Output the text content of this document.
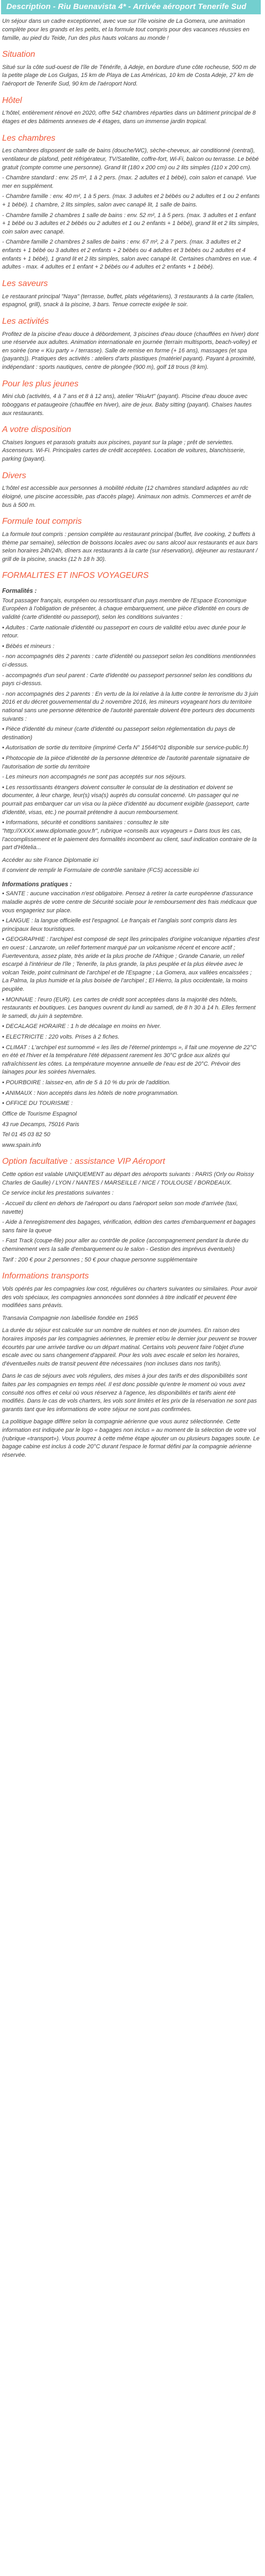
Description - Riu Buenavista 4* - Arrivée aéroport Tenerife Sud

Un séjour dans un cadre exceptionnel, avec vue sur l'île voisine de La Gomera, une animation complète pour les grands et les petits, et la formule tout compris pour des vacances réussies en famille, au pied du Teide, l'un des plus hauts volcans au monde !

Situation

Situé sur la côte sud-ouest de l'île de Ténérife, à Adeje, en bordure d'une côte rocheuse, 500 m de la petite plage de Los Gulgas, 15 km de Playa de Las Américas, 10 km de Costa Adeje, 27 km de l'aéroport de Tenerife Sud, 90 km de l'aéroport Nord.

Hôtel

L'hôtel, entièrement rénové en 2020, offre 542 chambres réparties dans un bâtiment principal de 8 étages et des bâtiments annexes de 4 étages, dans un immense jardin tropical.

Les chambres

Les chambres disposent de salle de bains (douche/WC), sèche-cheveux, air conditionné (central), ventilateur de plafond, petit réfrigérateur, TV/Satellite, coffre-fort, Wi-Fi, balcon ou terrasse. Le bébé gratuit (compte comme une personne). Grand lit (180 x 200 cm) ou 2 lits simples (110 x 200 cm).

- Chambre standard : env. 25 m², 1 à 2 pers. (max. 2 adultes et 1 bébé), coin salon et canapé. Vue mer en supplément.

- Chambre famille : env. 40 m², 1 à 5 pers. (max. 3 adultes et 2 bébés ou 2 adultes et 1 ou 2 enfants + 1 bébé). 1 chambre, 2 lits simples, salon avec canapé lit, 1 salle de bains.

- Chambre famille 2 chambres 1 salle de bains : env. 52 m², 1 à 5 pers. (max. 3 adultes et 1 enfant + 1 bébé ou 3 adultes et 2 bébés ou 2 adultes et 1 ou 2 enfants + 1 bébé), grand lit et 2 lits simples, coin salon avec canapé.

- Chambre famille 2 chambres 2 salles de bains : env. 67 m², 2 à 7 pers. (max. 3 adultes et 2 enfants + 1 bébé ou 3 adultes et 2 enfants + 2 bébés ou 4 adultes et 3 bébés ou 2 adultes et 4 enfants + 1 bébé), 1 grand lit et 2 lits simples, salon avec canapé lit. Certaines chambres en vue. 4 adultes - max. 4 adultes et 1 enfant + 2 bébés ou 4 adultes et 2 enfants + 1 bébé).

Les saveurs

Le restaurant principal "Naya" (terrasse, buffet, plats végétariens), 3 restaurants à la carte (italien, espagnol, grill), snack à la piscine, 3 bars. Tenue correcte exigée le soir.

Les activités

Profitez de la piscine d'eau douce à débordement, 3 piscines d'eau douce (chauffées en hiver) dont une réservée aux adultes. Animation internationale en journée (terrain multisports, beach-volley) et en soirée (one « Kiu party » / terrasse). Salle de remise en forme (+ 16 ans), massages (et spa (payants)). Pratiques des activités : ateliers d'arts plastiques (matériel payant). Payant à proximité, indépendant : sports nautiques, centre de plongée (900 m), golf 18 trous (8 km).

Pour les plus jeunes

Mini club (activités, 4 à 7 ans et 8 à 12 ans), atelier "RiuArt" (payant). Piscine d'eau douce avec toboggans et pataugeoire (chauffée en hiver), aire de jeux. Baby sitting (payant). Chaises hautes aux restaurants.

A votre disposition

Chaises longues et parasols gratuits aux piscines, payant sur la plage ; prêt de serviettes. Ascenseurs. Wi-Fi. Principales cartes de crédit acceptées. Location de voitures, blanchisserie, parking (payant).

Divers

L'hôtel est accessible aux personnes à mobilité réduite (12 chambres standard adaptées au rdc éloigné, une piscine accessible, pas d'accès plage). Animaux non admis. Commerces et arrêt de bus à 500 m.

Formule tout compris

La formule tout compris : pension complète au restaurant principal (buffet, live cooking, 2 buffets à thème par semaine), sélection de boissons locales avec ou sans alcool aux restaurants et aux bars selon horaires 24h/24h, dîners aux restaurants à la carte (sur réservation), déjeuner au restaurant / grill de la piscine, snacks (12 h 18 h 30).

FORMALITES ET INFOS VOYAGEURS
Formalités :

Tout passager français, européen ou ressortissant d'un pays membre de l'Espace Economique Européen à l'obligation de présenter, à chaque embarquement, une pièce d'identité en cours de validité (carte d'identité ou passeport), selon les conditions suivantes :

• Adultes : Carte nationale d'identité ou passeport en cours de validité et/ou avec durée pour le retour.

• Bébés et mineurs :

- non accompagnés dès 2 parents : carte d'identité ou passeport selon les conditions mentionnées ci-dessus.

- accompagnés d'un seul parent : Carte d'identité ou passeport personnel selon les conditions du pays ci-dessus.

- non accompagnés des 2 parents : En vertu de la loi relative à la lutte contre le terrorisme du 3 juin 2016 et du décret gouvernemental du 2 novembre 2016, les mineurs voyageant hors du territoire national sans une personne détentrice de l'autorité parentale doivent être porteurs des documents suivants :

• Pièce d'identité du mineur (carte d'identité ou passeport selon réglementation du pays de destination)

• Autorisation de sortie du territoire (imprimé Cerfa N° 15646*01 disponible sur service-public.fr)

• Photocopie de la pièce d'identité de la personne détentrice de l'autorité parentale signataire de l'autorisation de sortie du territoire

- Les mineurs non accompagnés ne sont pas acceptés sur nos séjours.

• Les ressortissants étrangers doivent consulter le consulat de la destination et doivent se documenter, à leur charge, leur(s) visa(s) auprès du consulat concerné. Un passager qui ne pourrait pas embarquer car un visa ou la pièce d'identité au document exigible (passeport, carte d'identité, visas, etc.) ne pourrait prétendre à aucun remboursement.

• Informations, sécurité et conditions sanitaires : consultez le site "http://XXXX.www.diplomatie.gouv.fr", rubrique «conseils aux voyageurs » Dans tous les cas, l'accomplissement et le paiement des formalités incombent au client, sauf indication contraire de la part d'Hôtelia...

Accéder au site France Diplomatie ici

Il convient de remplir le Formulaire de contrôle sanitaire (FCS) accessible ici

Informations pratiques :

• SANTE : aucune vaccination n'est obligatoire. Pensez à retirer la carte européenne d'assurance maladie auprès de votre centre de Sécurité sociale pour le remboursement des frais médicaux que vous engageriez sur place.

• LANGUE : la langue officielle est l'espagnol. Le français et l'anglais sont compris dans les principaux lieux touristiques.

• GEOGRAPHIE : l'archipel est composé de sept îles principales d'origine volcanique réparties d'est en ouest : Lanzarote, un relief fortement marqué par un volcanisme récent et encore actif ; Fuerteventura, assez plate, très aride et la plus proche de l'Afrique ; Grande Canarie, un relief escarpé à l'intérieur de l'île ; Tenerife, la plus grande, la plus peuplée et la plus élevée avec le volcan Teide, point culminant de l'archipel et de l'Espagne ; La Gomera, aux vallées encaissées ; La Palma, la plus humide et la plus boisée de l'archipel ; El Hierro, la plus occidentale, la moins peuplée.

• MONNAIE : l'euro (EUR). Les cartes de crédit sont acceptées dans la majorité des hôtels, restaurants et boutiques. Les banques ouvrent du lundi au samedi, de 8 h 30 à 14 h. Elles ferment le samedi, du juin à septembre.

• DECALAGE HORAIRE : 1 h de décalage en moins en hiver.

• ELECTRICITE : 220 volts. Prises à 2 fiches.

• CLIMAT : L'archipel est surnommé « les îles de l'éternel printemps », il fait une moyenne de 22°C en été et l'hiver et la température l'été dépassent rarement les 30°C grâce aux alizés qui rafraîchissent les côtes. La température moyenne annuelle de l'eau est de 20°C. Prévoir des lainages pour les soirées hivernales.

• POURBOIRE : laissez-en, afin de 5 à 10 % du prix de l'addition.

• ANIMAUX : Non acceptés dans les hôtels de notre programmation.

• OFFICE DU TOURISME :

Office de Tourisme Espagnol

43 rue Decamps, 75016 Paris

Tel 01 45 03 82 50

www.spain.info

Option facultative : assistance VIP Aéroport

Cette option est valable UNIQUEMENT au départ des aéroports suivants : PARIS (Orly ou Roissy Charles de Gaulle) / LYON / NANTES / MARSEILLE / NICE / TOULOUSE / BORDEAUX.

Ce service inclut les prestations suivantes :

- Accueil du client en dehors de l'aéroport ou dans l'aéroport selon son mode d'arrivée (taxi, navette)

- Aide à l'enregistrement des bagages, vérification, édition des cartes d'embarquement et bagages sans faire la queue

- Fast Track (coupe-file) pour aller au contrôle de police (accompagnement pendant la durée du cheminement vers la salle d'embarquement ou le salon - Gestion des imprévus éventuels)

Tarif : 200 € pour 2 personnes ; 50 € pour chaque personne supplémentaire

Informations transports

Vols opérés par les compagnies low cost, régulières ou charters suivantes ou similaires. Pour avoir des vols spéciaux, les compagnies annoncées sont données à titre indicatif et peuvent être modifiées sans préavis.

Transavia Compagnie non labellisée fondée en 1965

La durée du séjour est calculée sur un nombre de nuitées et non de journées. En raison des horaires imposés par les compagnies aériennes, le premier et/ou le dernier jour peuvent se trouver écourtés par une arrivée tardive ou un départ matinal. Certains vols peuvent faire l'objet d'une escale avec ou sans changement d'appareil. Pour les vols avec escale et selon les horaires, d'éventuelles nuits de transit peuvent être nécessaires (non incluses dans nos tarifs).

Dans le cas de séjours avec vols réguliers, des mises à jour des tarifs et des disponibilités sont faites par les compagnies en temps réel. Il est donc possible qu'entre le moment où vous avez consulté nos offres et celui où vous réservez à l'agence, les disponibilités et tarifs aient été modifiés. Dans le cas de vols charters, les vols sont limités et les prix de la réservation ne sont pas garantis tant que les informations de votre séjour ne sont pas confirmées.

La politique bagage diffère selon la compagnie aérienne que vous aurez sélectionnée. Cette information est indiquée par le logo « bagages non inclus » au moment de la sélection de votre vol (rubrique «transport»). Vous pourrez à cette même étape ajouter un ou plusieurs bagages soute. Le bagage cabine est inclus à code 20°C durant l'espace le format défini par la compagnie aérienne réservée.
